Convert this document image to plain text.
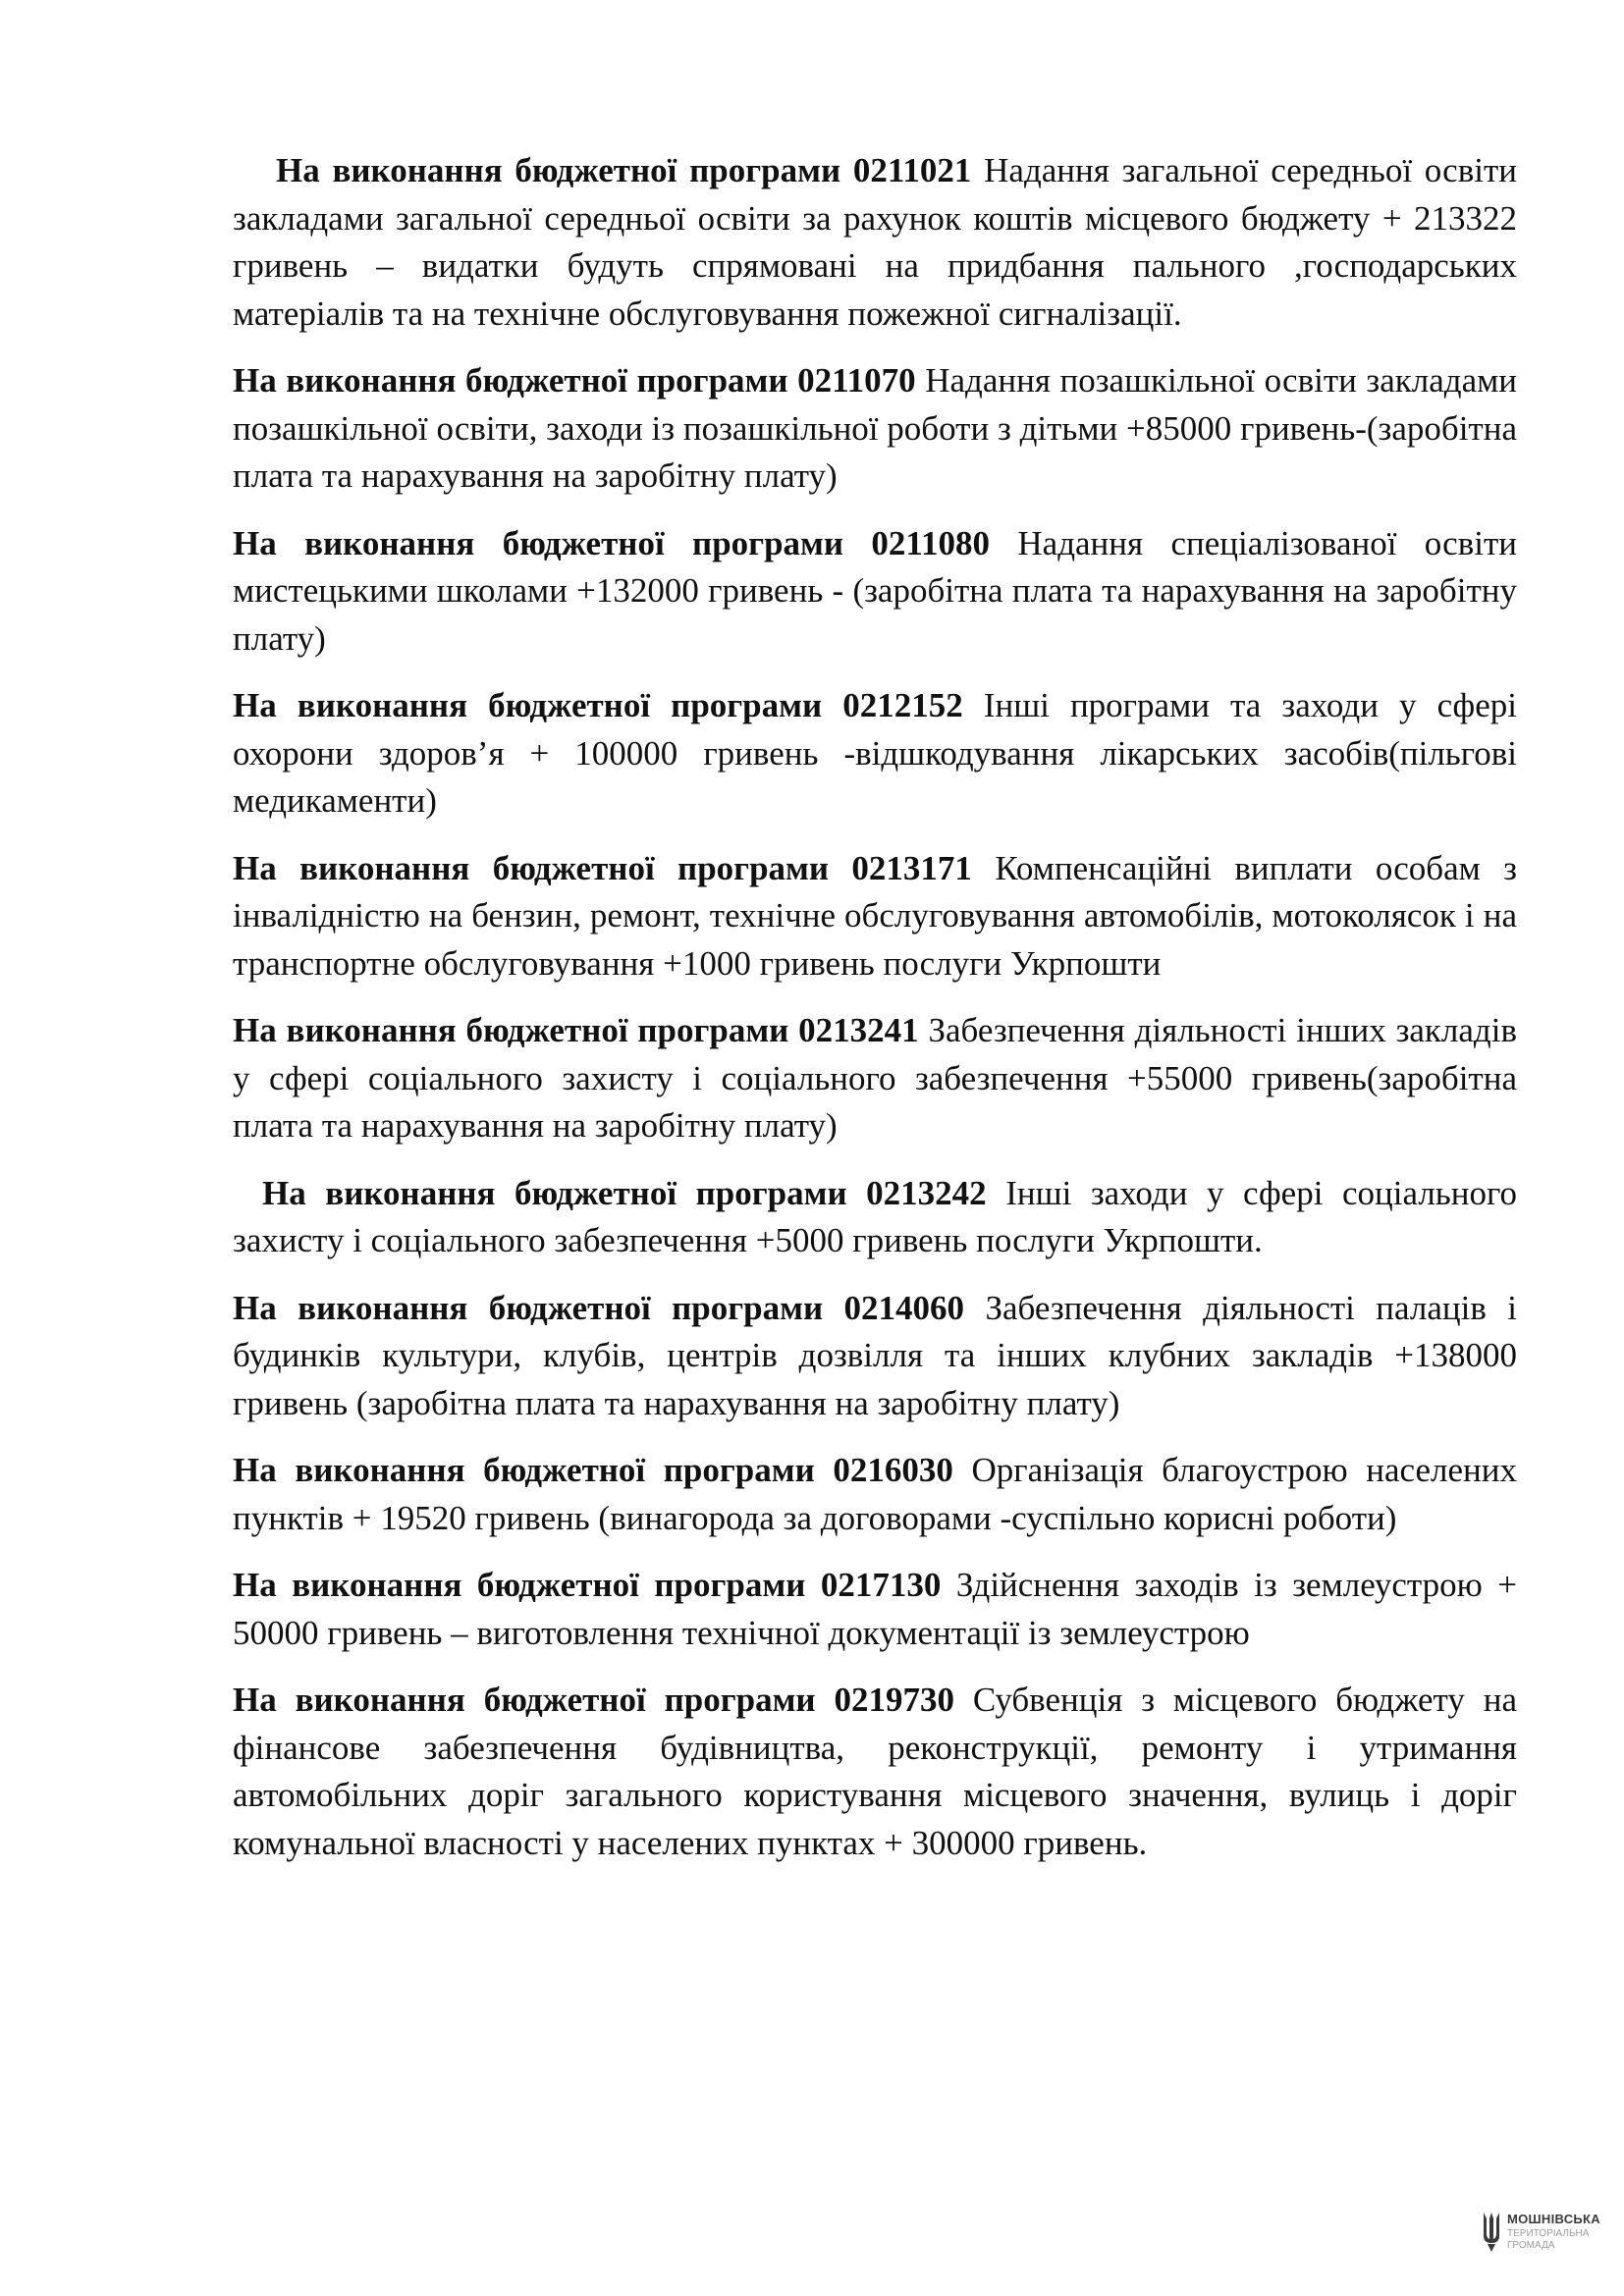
На виконання бюджетної програми 0211021 Надання загальної середньої освіти закладами загальної середньої освіти за рахунок коштів місцевого бюджету + 213322 гривень – видатки будуть спрямовані на придбання пального ,господарських матеріалів та на технічне обслуговування пожежної сигналізації.

На виконання бюджетної програми 0211070 Надання позашкільної освіти закладами позашкільної освіти, заходи із позашкільної роботи з дітьми +85000 гривень-(заробітна плата та нарахування на заробітну плату)

На виконання бюджетної програми 0211080 Надання спеціалізованої освіти мистецькими школами +132000 гривень - (заробітна плата та нарахування на заробітну плату)

На виконання бюджетної програми 0212152 Інші програми та заходи у сфері охорони здоров’я + 100000 гривень -відшкодування лікарських засобів(пільгові медикаменти)

На виконання бюджетної програми 0213171 Компенсаційні виплати особам з інвалідністю на бензин, ремонт, технічне обслуговування автомобілів, мотоколясок і на транспортне обслуговування +1000 гривень послуги Укрпошти

На виконання бюджетної програми 0213241 Забезпечення діяльності інших закладів у сфері соціального захисту і соціального забезпечення +55000 гривень(заробітна плата та нарахування на заробітну плату)

На виконання бюджетної програми 0213242 Інші заходи у сфері соціального захисту і соціального забезпечення +5000 гривень послуги Укрпошти.

На виконання бюджетної програми 0214060 Забезпечення діяльності палаців і будинків культури, клубів, центрів дозвілля та інших клубних закладів +138000 гривень (заробітна плата та нарахування на заробітну плату)

На виконання бюджетної програми 0216030 Організація благоустрою населених пунктів + 19520 гривень (винагорода за договорами -суспільно корисні роботи)

На виконання бюджетної програми 0217130 Здійснення заходів із землеустрою + 50000 гривень – виготовлення технічної документації із землеустрою

На виконання бюджетної програми 0219730 Субвенція з місцевого бюджету на фінансове забезпечення будівництва, реконструкції, ремонту і утримання автомобільних доріг загального користування місцевого значення, вулиць і доріг комунальної власності у населених пунктах + 300000 гривень.

МОШНІВСЬКА
ТЕРИТОРІАЛЬНА
ГРОМАДА
